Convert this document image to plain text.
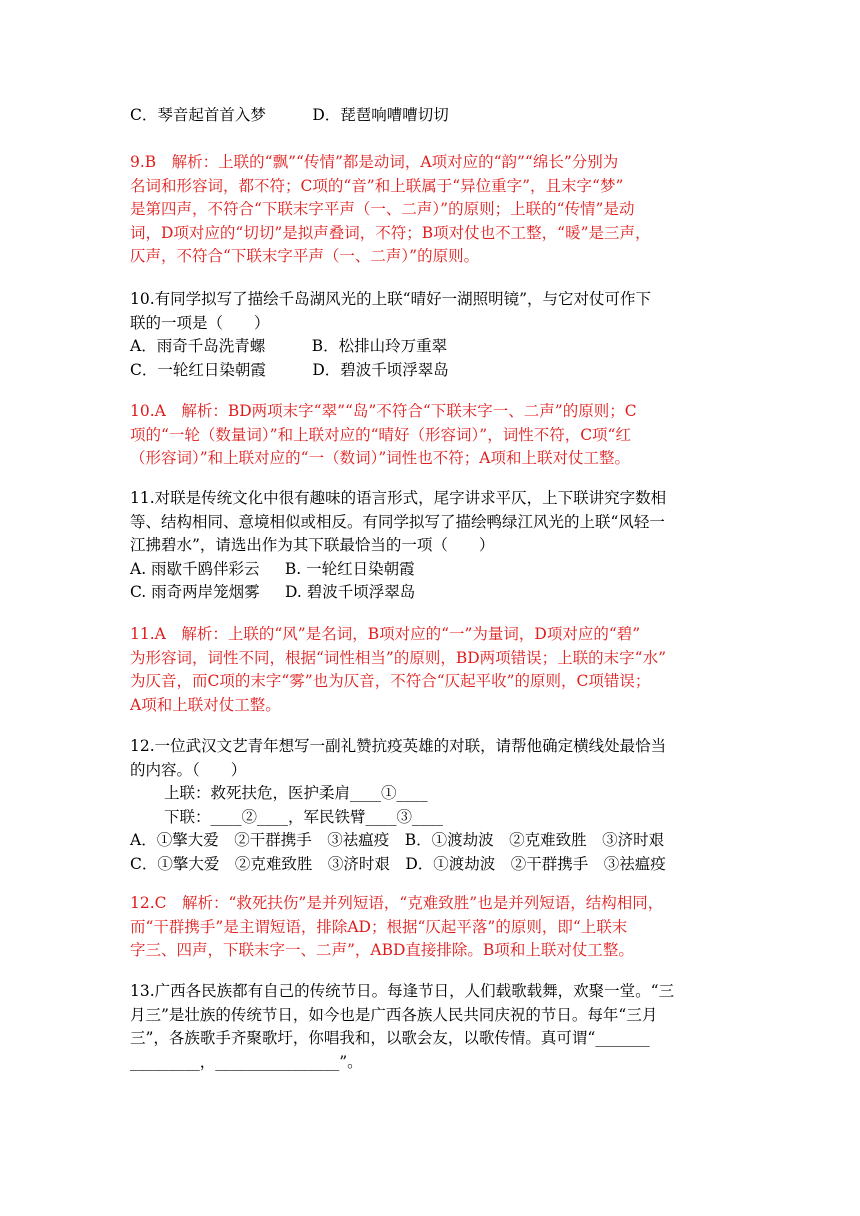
C．琴音起首首入梦　　　D．琵琶响嘈嘈切切
9.B　解析：上联的“飘”“传情”都是动词，A项对应的“韵”“绵长”分别为
名词和形容词，都不符；C项的“音”和上联属于“异位重字”，且末字“梦”
是第四声，不符合“下联末字平声（一、二声）”的原则；上联的“传情”是动
词，D项对应的“切切”是拟声叠词，不符；B项对仗也不工整，“暖”是三声，
仄声，不符合“下联末字平声（一、二声）”的原则。
10.有同学拟写了描绘千岛湖风光的上联“晴好一湖照明镜”，与它对仗可作下
联的一项是（　　）
A．雨奇千岛洗青螺　　　B．松排山玲万重翠
C．一轮红日染朝霞　　　D．碧波千顷浮翠岛
10.A　解析：BD两项末字“翠”“岛”不符合“下联末字一、二声”的原则；C
项的“一轮（数量词）”和上联对应的“晴好（形容词）”，词性不符，C项“红
（形容词）”和上联对应的“一（数词）”词性也不符；A项和上联对仗工整。
11.对联是传统文化中很有趣味的语言形式，尾字讲求平仄，上下联讲究字数相
等、结构相同、意境相似或相反。有同学拟写了描绘鸭绿江风光的上联“风轻一
江拂碧水”，请选出作为其下联最恰当的一项（　　）
A. 雨歇千鸥伴彩云　  B. 一轮红日染朝霞
C. 雨奇两岸笼烟雾　  D. 碧波千顷浮翠岛
11.A　解析：上联的“风”是名词，B项对应的“一”为量词，D项对应的“碧”
为形容词，词性不同，根据“词性相当”的原则，BD两项错误；上联的末字“水”
为仄音，而C项的末字“雾”也为仄音，不符合“仄起平收”的原则，C项错误；
A项和上联对仗工整。
12.一位武汉文艺青年想写一副礼赞抗疫英雄的对联，请帮他确定横线处最恰当
的内容。（　　）
上联：救死扶危，医护柔肩____①____
下联：____②____，军民铁臂____③____
A．①擎大爱　②干群携手　③祛瘟疫　B．①渡劫波　②克难致胜　③济时艰
C．①擎大爱　②克难致胜　③济时艰　D．①渡劫波　②干群携手　③祛瘟疫
12.C　解析：“救死扶伤”是并列短语，“克难致胜”也是并列短语，结构相同，
而“干群携手”是主谓短语，排除AD；根据“仄起平落”的原则，即“上联末
字三、四声，下联末字一、二声”，ABD直接排除。B项和上联对仗工整。
13.广西各民族都有自己的传统节日。每逢节日，人们载歌载舞，欢聚一堂。“三
月三”是壮族的传统节日，如今也是广西各族人民共同庆祝的节日。每年“三月
三”，各族歌手齐聚歌圩，你唱我和，以歌会友，以歌传情。真可谓“_______
_________，________________”。
